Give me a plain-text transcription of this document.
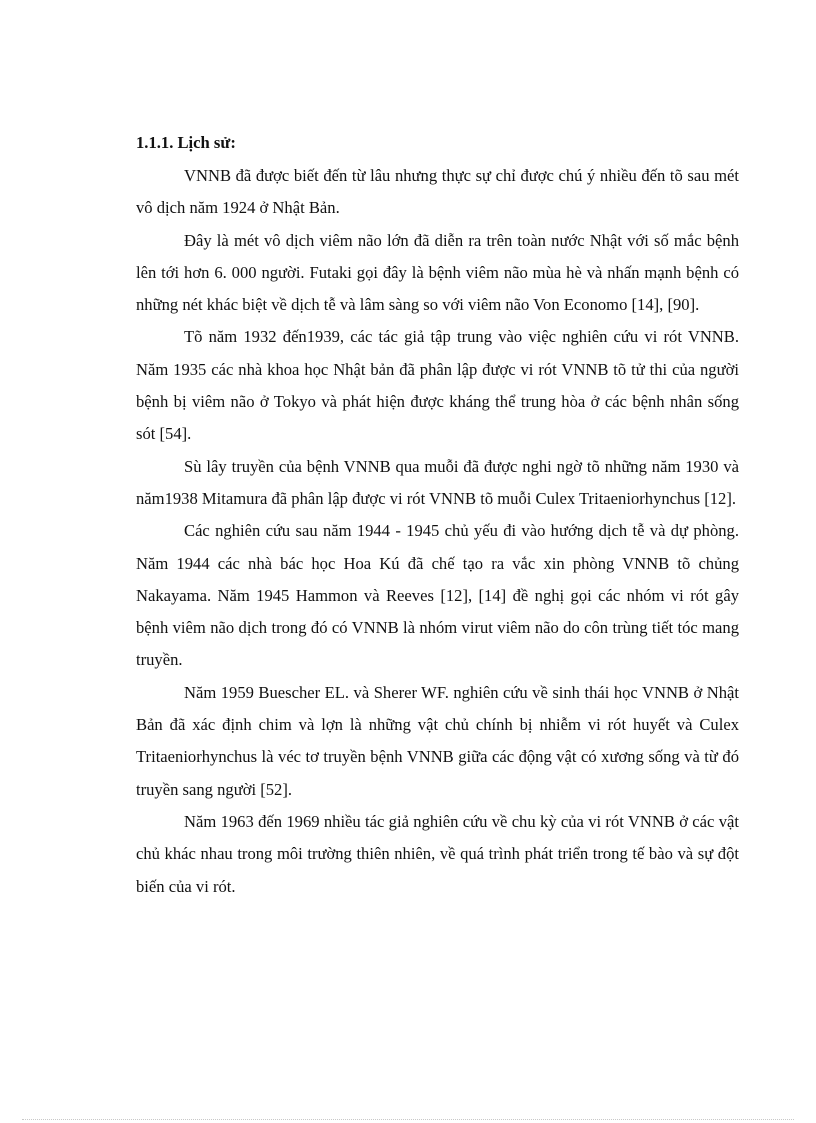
1.1.1. Lịch sử:

VNNB đã được biết đến từ lâu nhưng thực sự chỉ được chú ý nhiều đến tõ sau mét vô dịch năm 1924 ở Nhật Bản.

Đây là mét vô dịch viêm não lớn đã diễn ra trên toàn nước Nhật với số mắc bệnh lên tới hơn 6. 000 người. Futaki gọi đây là bệnh viêm não mùa hè và nhấn mạnh bệnh có những nét khác biệt về dịch tễ và lâm sàng so với viêm não Von Economo [14], [90].

Tõ năm 1932 đến1939, các tác giả tập trung vào việc nghiên cứu vi rót VNNB. Năm 1935 các nhà khoa học Nhật bản đã phân lập được vi rót VNNB tõ tử thi của người bệnh bị viêm não ở Tokyo và phát hiện được kháng thể trung hòa ở các bệnh nhân sống sót [54].

Sù lây truyền của bệnh VNNB qua muỗi đã được nghi ngờ tõ những năm 1930 và năm1938 Mitamura đã phân lập được vi rót VNNB tõ muỗi Culex Tritaeniorhynchus [12].

Các nghiên cứu sau năm 1944 - 1945 chủ yếu đi vào hướng dịch tễ và dự phòng. Năm 1944 các nhà bác học Hoa Kú đã chế tạo ra vắc xin phòng VNNB tõ chủng Nakayama. Năm 1945 Hammon và Reeves [12], [14] đề nghị gọi các nhóm vi rót gây bệnh viêm não dịch trong đó có VNNB là nhóm virut viêm não do côn trùng tiết tóc mang truyền.

Năm 1959 Buescher EL. và Sherer WF. nghiên cứu về sinh thái học VNNB ở Nhật Bản đã xác định chim và lợn là những vật chủ chính bị nhiễm vi rót huyết và Culex Tritaeniorhynchus là véc tơ truyền bệnh VNNB giữa các động vật có xương sống và từ đó truyền sang người [52].

Năm 1963 đến 1969 nhiều tác giả nghiên cứu về chu kỳ của vi rót VNNB ở các vật chủ khác nhau trong môi trường thiên nhiên, về quá trình phát triển trong tế bào và sự đột biến của vi rót.
